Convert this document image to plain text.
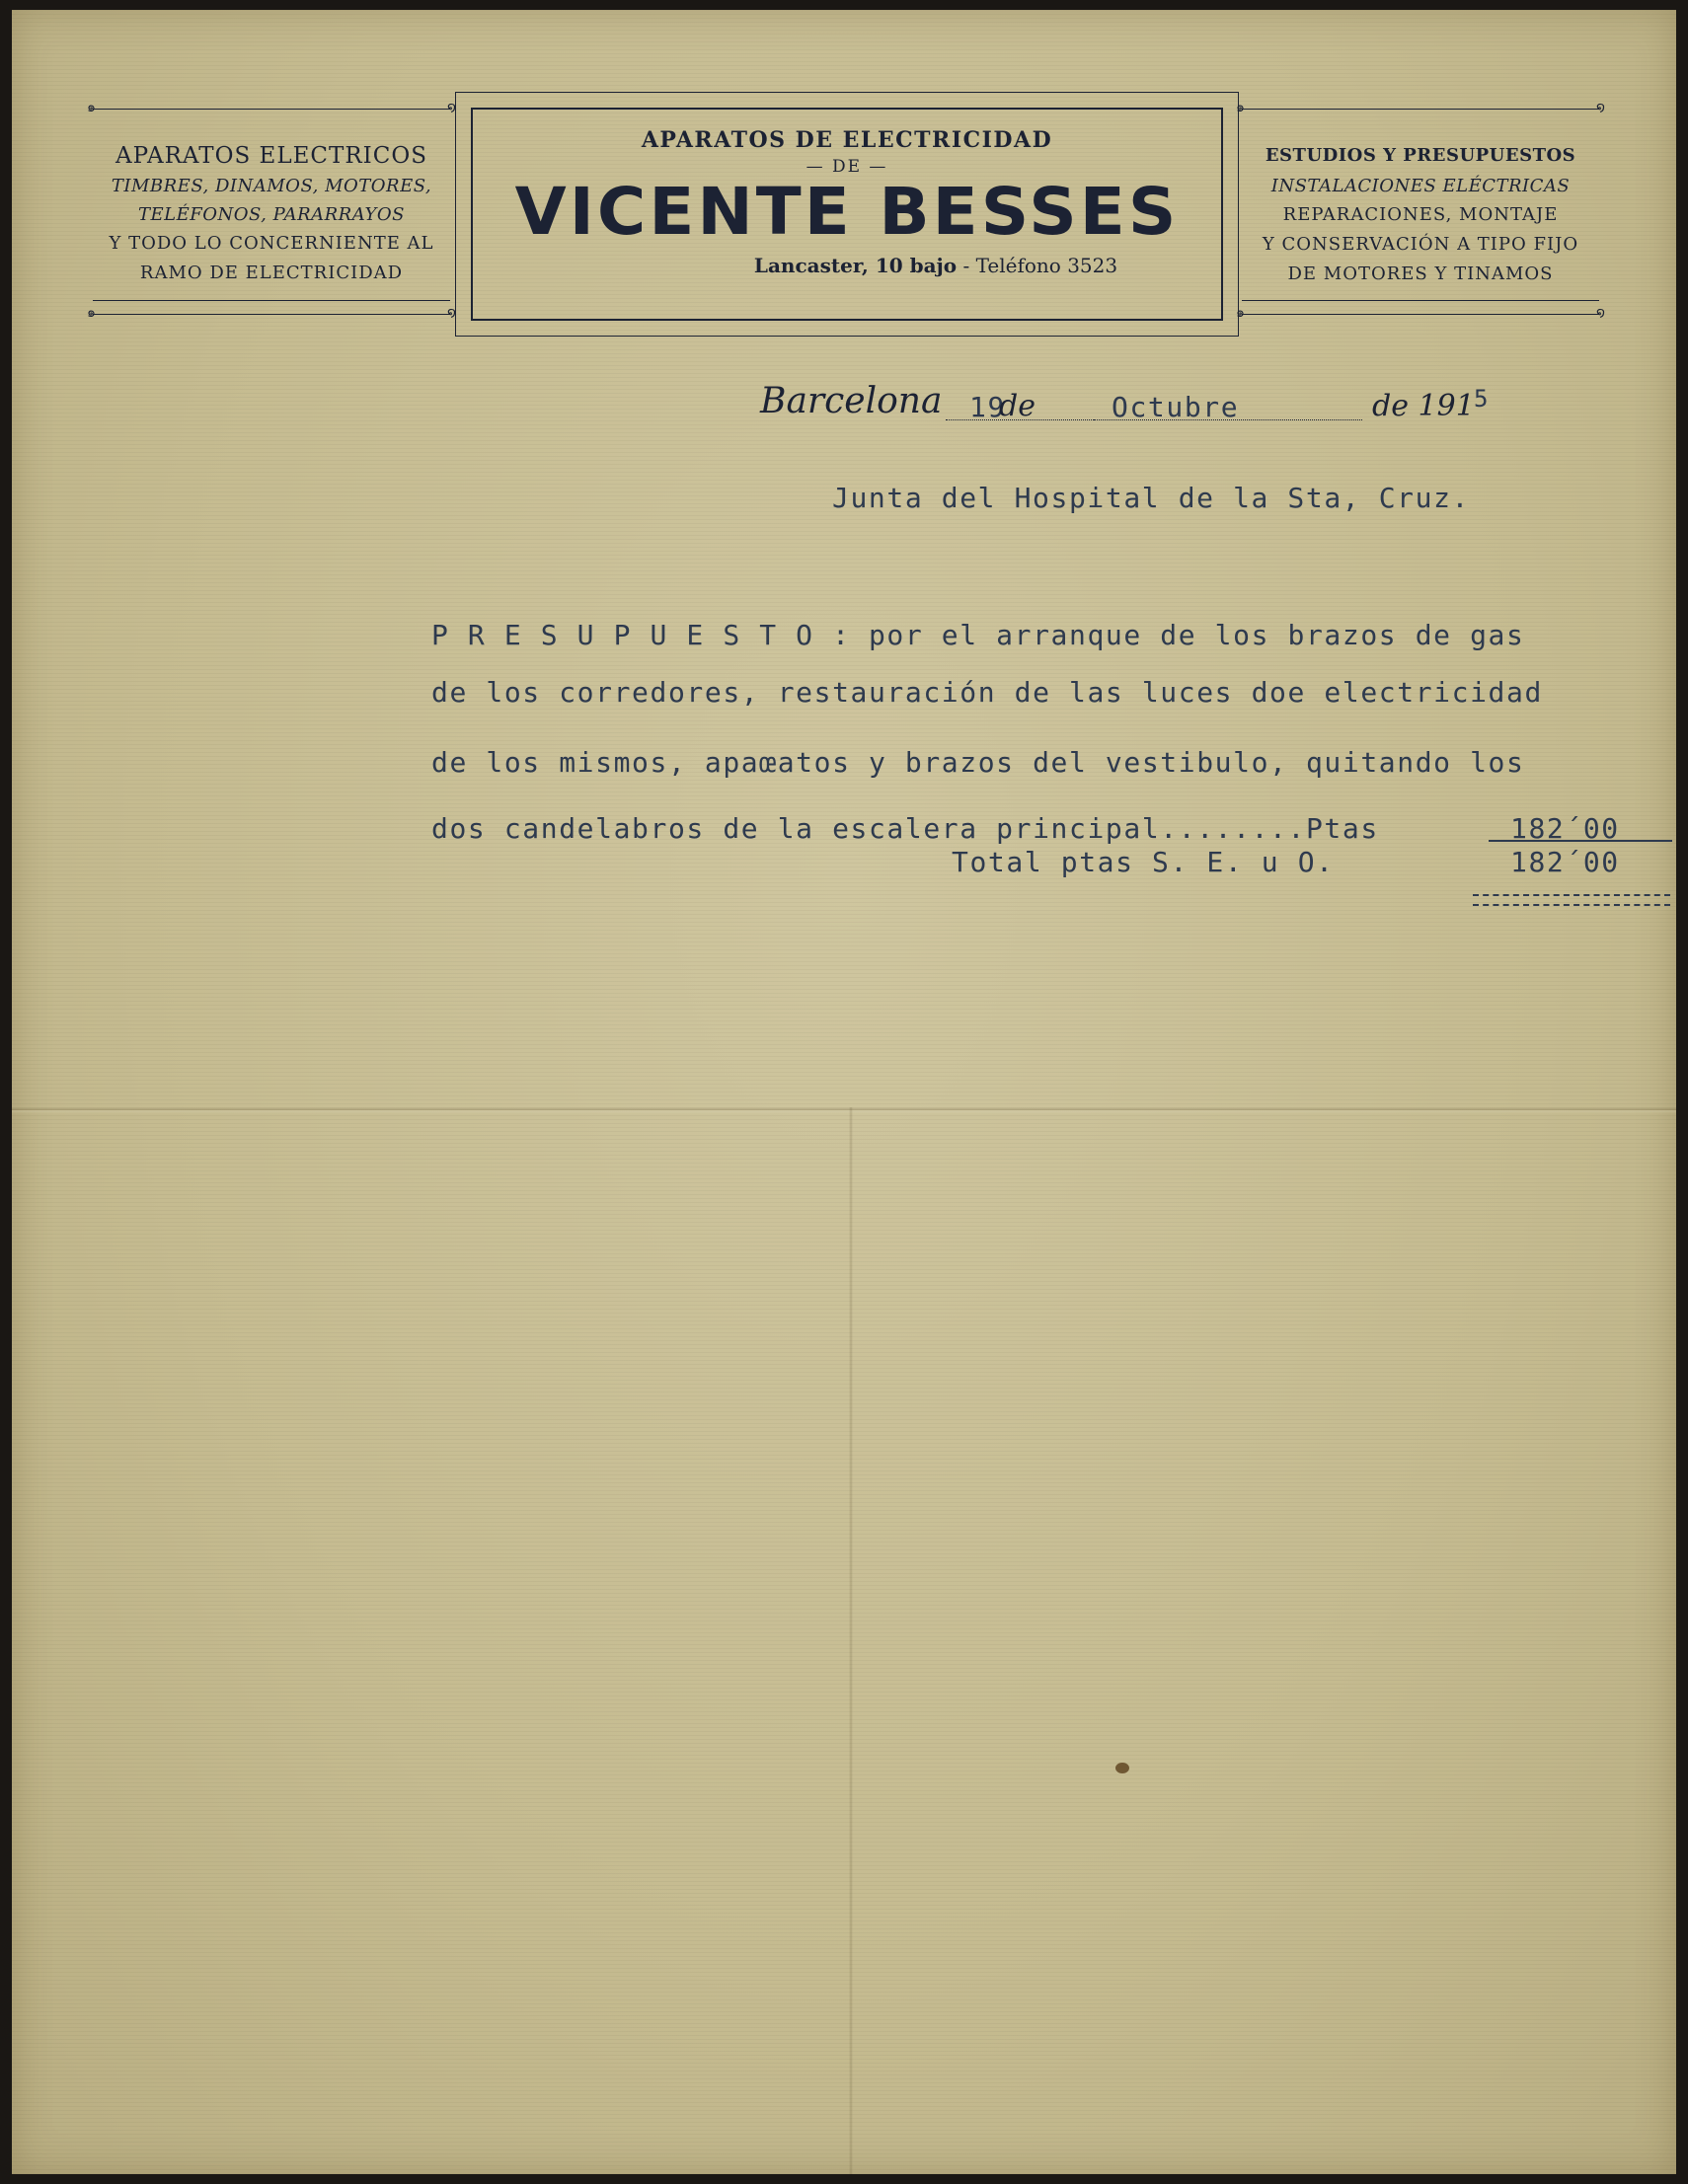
๑	໑
APARATOS ELECTRICOS
TIMBRES, DINAMOS, MOTORES,
TELÉFONOS, PARARRAYOS
Y TODO LO CONCERNIENTE AL
RAMO DE ELECTRICIDAD
๑	໑
APARATOS DE ELECTRICIDAD
— DE —
VICENTE BESSES
Lancaster, 10 bajo - Teléfono 3523
๑	໑
ESTUDIOS Y PRESUPUESTOS
INSTALACIONES ELÉCTRICAS
REPARACIONES, MONTAJE
Y CONSERVACIÓN A TIPO FIJO
DE MOTORES Y TINAMOS
๑	໑
Barcelona 19
de	Octubre	de 191 5
Junta del Hospital de la Sta, Cruz.
P R E S U P U E S T O : por el arranque de los brazos de gas
de los corredores, restauración de las luces doe electricidad
de los mismos, apaœatos y brazos del vestibulo, quitando los
dos candelabros de la escalera principal........Ptas	182´00
Total ptas S. E. u O.	182´00
